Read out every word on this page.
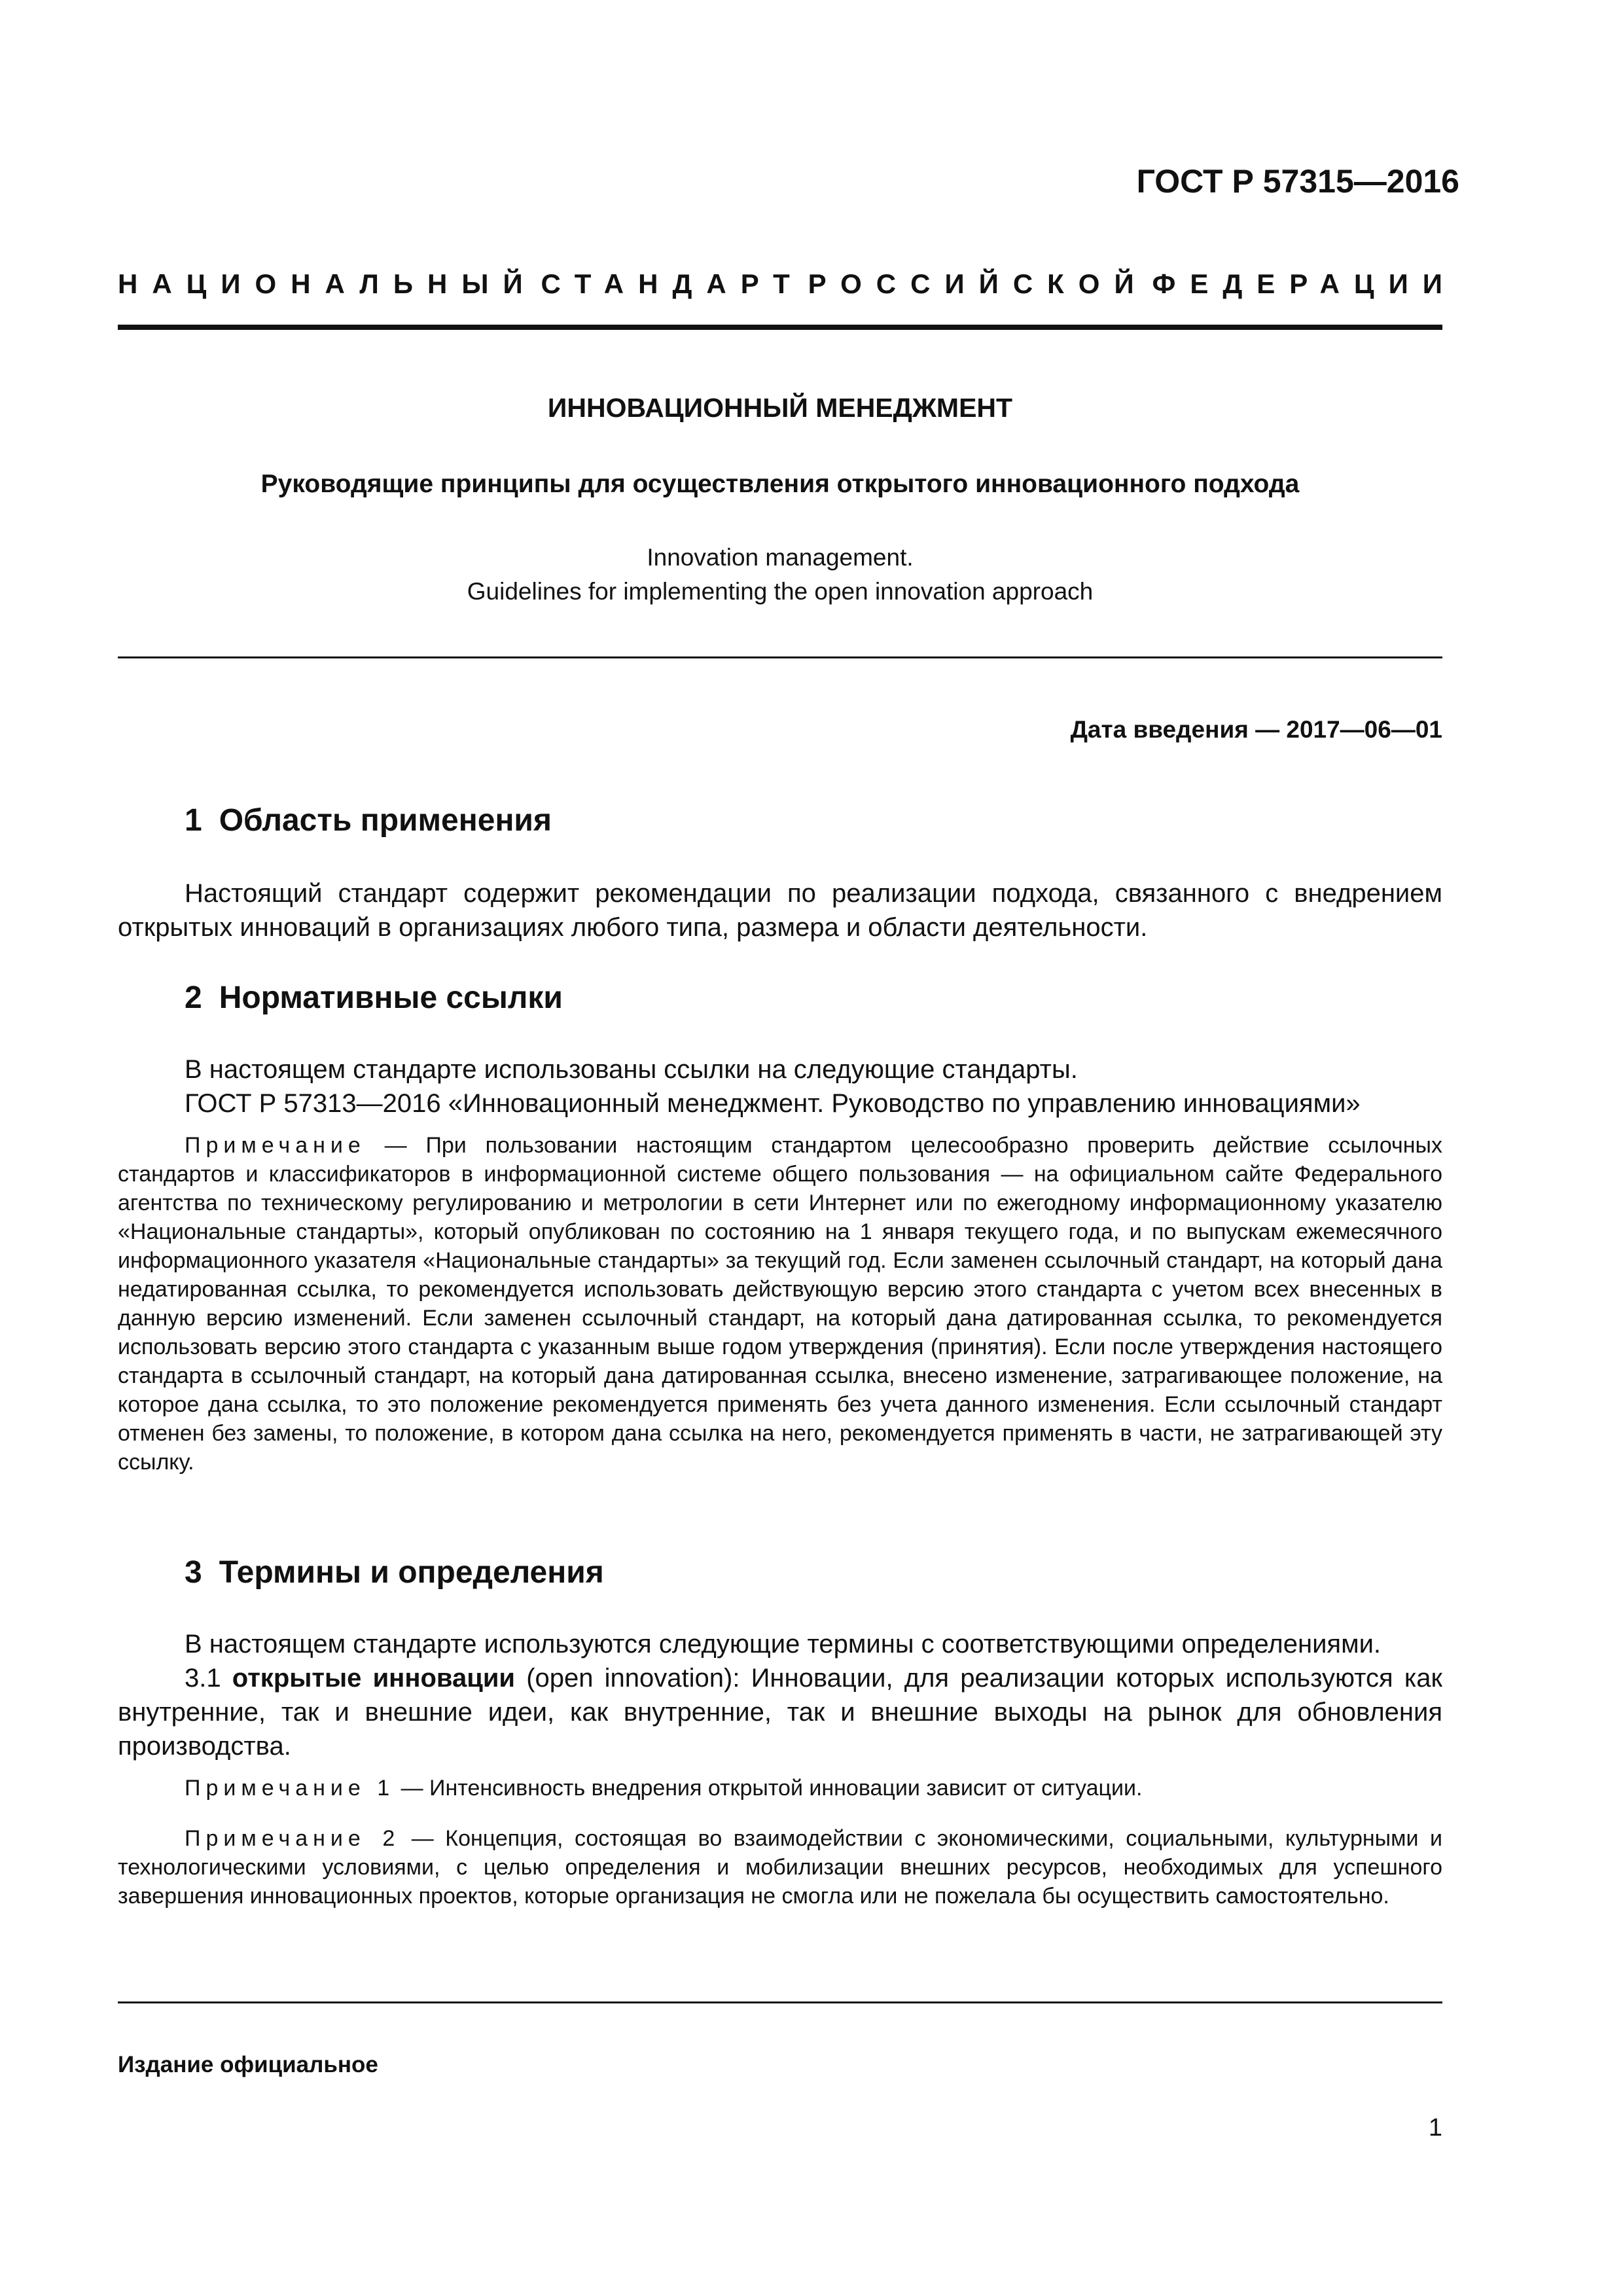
ГОСТ Р 57315—2016
НАЦИОНАЛЬНЫЙ СТАНДАРТ РОССИЙСКОЙ ФЕДЕРАЦИИ
ИННОВАЦИОННЫЙ МЕНЕДЖМЕНТ
Руководящие принципы для осуществления открытого инновационного подхода
Innovation management.
Guidelines for implementing the open innovation approach
Дата введения — 2017—06—01
1 Область применения
Настоящий стандарт содержит рекомендации по реализации подхода, связанного с внедрением открытых инноваций в организациях любого типа, размера и области деятельности.
2 Нормативные ссылки
В настоящем стандарте использованы ссылки на следующие стандарты.
ГОСТ Р 57313—2016 «Инновационный менеджмент. Руководство по управлению инновациями»
Примечание — При пользовании настоящим стандартом целесообразно проверить действие ссылочных стандартов и классификаторов в информационной системе общего пользования — на официальном сайте Федерального агентства по техническому регулированию и метрологии в сети Интернет или по ежегодному информационному указателю «Национальные стандарты», который опубликован по состоянию на 1 января текущего года, и по выпускам ежемесячного информационного указателя «Национальные стандарты» за текущий год. Если заменен ссылочный стандарт, на который дана недатированная ссылка, то рекомендуется использовать действующую версию этого стандарта с учетом всех внесенных в данную версию изменений. Если заменен ссылочный стандарт, на который дана датированная ссылка, то рекомендуется использовать версию этого стандарта с указанным выше годом утверждения (принятия). Если после утверждения настоящего стандарта в ссылочный стандарт, на который дана датированная ссылка, внесено изменение, затрагивающее положение, на которое дана ссылка, то это положение рекомендуется применять без учета данного изменения. Если ссылочный стандарт отменен без замены, то положение, в котором дана ссылка на него, рекомендуется применять в части, не затрагивающей эту ссылку.
3 Термины и определения
В настоящем стандарте используются следующие термины с соответствующими определениями.
3.1 открытые инновации (open innovation): Инновации, для реализации которых используются как внутренние, так и внешние идеи, как внутренние, так и внешние выходы на рынок для обновления производства.
Примечание 1 — Интенсивность внедрения открытой инновации зависит от ситуации.
Примечание 2 — Концепция, состоящая во взаимодействии с экономическими, социальными, культурными и технологическими условиями, с целью определения и мобилизации внешних ресурсов, необходимых для успешного завершения инновационных проектов, которые организация не смогла или не пожелала бы осуществить самостоятельно.
Издание официальное
1
